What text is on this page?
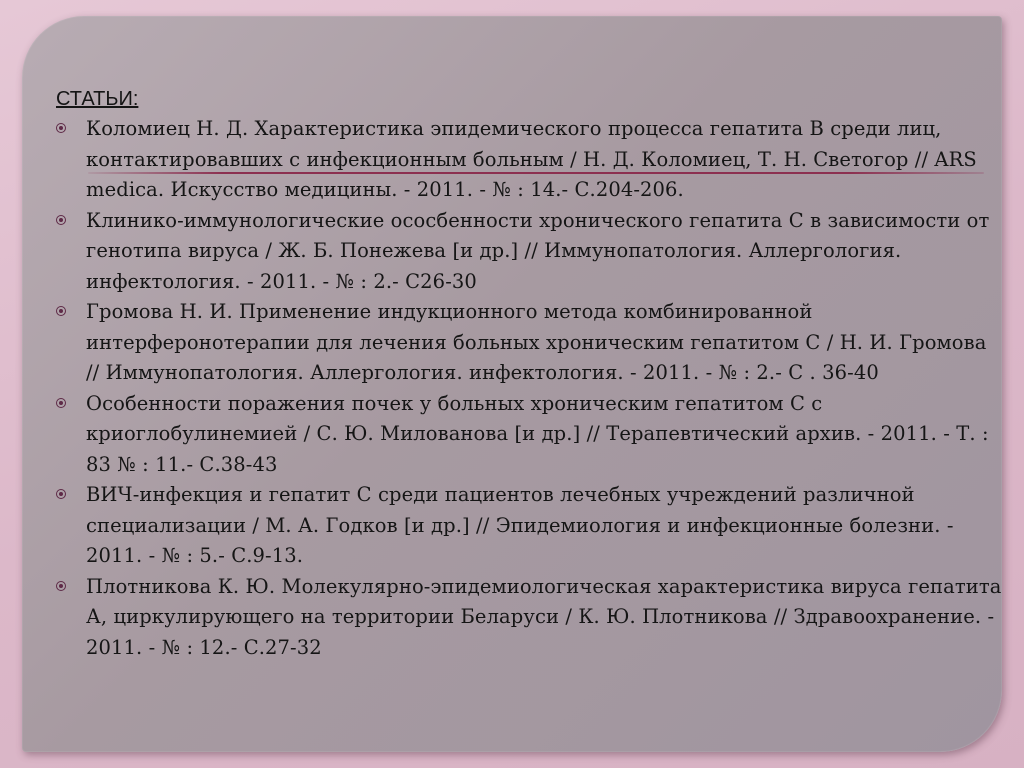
СТАТЬИ:
Коломиец Н. Д. Характеристика эпидемического процесса гепатита В среди лиц, контактировавших с инфекционным больным / Н. Д. Коломиец, Т. Н. Светогор // ARS medica. Искусство медицины. - 2011. - № : 14.- С.204-206.
Клинико-иммунологические ососбенности хронического гепатита С в зависимости от генотипа вируса / Ж. Б. Понежева [и др.] // Иммунопатология. Аллергология. инфектология. - 2011. - № : 2.- С26-30
Громова Н. И. Применение индукционного метода комбинированной интерферонотерапии для лечения больных хроническим гепатитом С / Н. И. Громова // Иммунопатология. Аллергология. инфектология. - 2011. - № : 2.- С . 36-40
Особенности поражения почек у больных хроническим гепатитом С с криоглобулинемией / С. Ю. Милованова [и др.] // Терапевтический архив. - 2011. - Т. : 83 № : 11.- С.38-43
ВИЧ-инфекция и гепатит С среди пациентов лечебных учреждений различной специализации / М. А. Годков [и др.] // Эпидемиология и инфекционные болезни. - 2011. - № : 5.- С.9-13.
Плотникова К. Ю. Молекулярно-эпидемиологическая характеристика вируса гепатита А, циркулирующего на территории Беларуси / К. Ю. Плотникова // Здравоохранение. - 2011. - № : 12.- С.27-32
